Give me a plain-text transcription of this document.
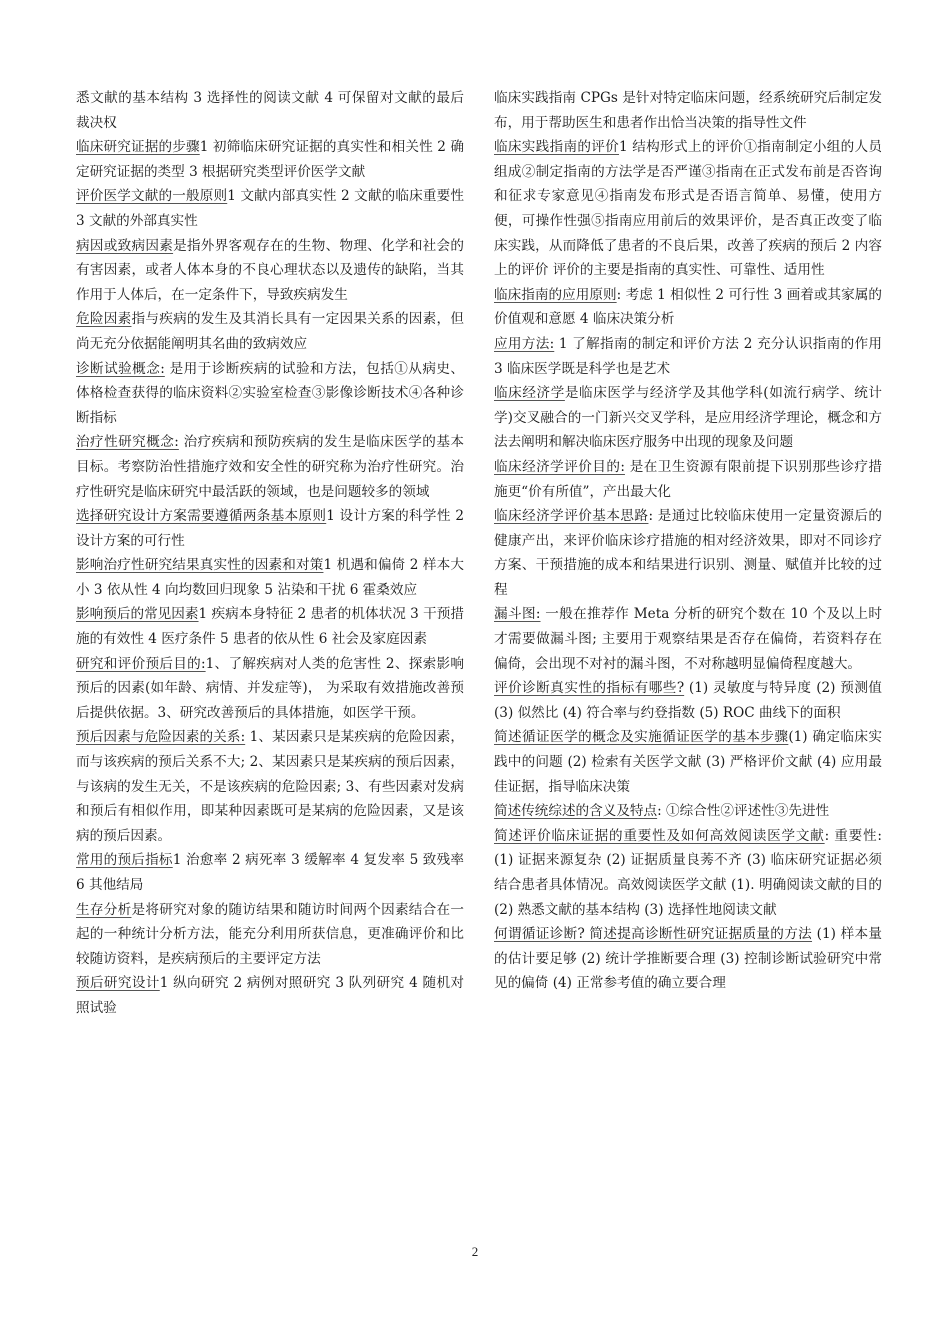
悉文献的基本结构 3 选择性的阅读文献 4 可保留对文献的最后裁决权

临床研究证据的步骤1 初筛临床研究证据的真实性和相关性 2 确定研究证据的类型 3 根据研究类型评价医学文献

评价医学文献的一般原则1 文献内部真实性 2 文献的临床重要性 3 文献的外部真实性

病因或致病因素是指外界客观存在的生物、物理、化学和社会的有害因素，或者人体本身的不良心理状态以及遗传的缺陷，当其作用于人体后，在一定条件下，导致疾病发生

危险因素指与疾病的发生及其消长具有一定因果关系的因素，但尚无充分依据能阐明其名曲的致病效应

诊断试验概念: 是用于诊断疾病的试验和方法，包括①从病史、体格检查获得的临床资料②实验室检查③影像诊断技术④各种诊断指标

治疗性研究概念: 治疗疾病和预防疾病的发生是临床医学的基本目标。考察防治性措施疗效和安全性的研究称为治疗性研究。治疗性研究是临床研究中最活跃的领域，也是问题较多的领域

选择研究设计方案需要遵循两条基本原则1 设计方案的科学性 2 设计方案的可行性

影响治疗性研究结果真实性的因素和对策1 机遇和偏倚 2 样本大小 3 依从性 4 向均数回归现象 5 沾染和干扰 6 霍桑效应

影响预后的常见因素1 疾病本身特征 2 患者的机体状况 3 干预措施的有效性 4 医疗条件 5 患者的依从性 6 社会及家庭因素

研究和评价预后目的:1、了解疾病对人类的危害性 2、探索影响预后的因素(如年龄、病情、并发症等)， 为采取有效措施改善预后提供依据。3、研究改善预后的具体措施，如医学干预。

预后因素与危险因素的关系: 1、某因素只是某疾病的危险因素，而与该疾病的预后关系不大; 2、某因素只是某疾病的预后因素，与该病的发生无关，不是该疾病的危险因素; 3、有些因素对发病和预后有相似作用，即某种因素既可是某病的危险因素，又是该病的预后因素。

常用的预后指标1 治愈率 2 病死率 3 缓解率 4 复发率 5 致残率 6 其他结局

生存分析是将研究对象的随访结果和随访时间两个因素结合在一起的一种统计分析方法，能充分利用所获信息，更准确评价和比较随访资料，是疾病预后的主要评定方法

预后研究设计1 纵向研究 2 病例对照研究 3 队列研究 4 随机对照试验

临床实践指南 CPGs 是针对特定临床问题，经系统研究后制定发布，用于帮助医生和患者作出恰当决策的指导性文件

临床实践指南的评价1 结构形式上的评价①指南制定小组的人员组成②制定指南的方法学是否严谨③指南在正式发布前是否咨询和征求专家意见④指南发布形式是否语言简单、易懂，使用方便，可操作性强⑤指南应用前后的效果评价，是否真正改变了临床实践，从而降低了患者的不良后果，改善了疾病的预后 2 内容上的评价 评价的主要是指南的真实性、可靠性、适用性

临床指南的应用原则: 考虑 1 相似性 2 可行性 3 画着或其家属的价值观和意愿 4 临床决策分析

应用方法: 1 了解指南的制定和评价方法 2 充分认识指南的作用 3 临床医学既是科学也是艺术

临床经济学是临床医学与经济学及其他学科(如流行病学、统计学)交叉融合的一门新兴交叉学科，是应用经济学理论，概念和方法去阐明和解决临床医疗服务中出现的现象及问题

临床经济学评价目的: 是在卫生资源有限前提下识别那些诊疗措施更“价有所值”，产出最大化

临床经济学评价基本思路: 是通过比较临床使用一定量资源后的健康产出，来评价临床诊疗措施的相对经济效果，即对不同诊疗方案、干预措施的成本和结果进行识别、测量、赋值并比较的过程

漏斗图: 一般在推荐作 Meta 分析的研究个数在 10 个及以上时才需要做漏斗图; 主要用于观察结果是否存在偏倚，若资料存在偏倚，会出现不对衬的漏斗图，不对称越明显偏倚程度越大。

评价诊断真实性的指标有哪些? (1) 灵敏度与特异度 (2) 预测值 (3) 似然比 (4) 符合率与约登指数 (5) ROC 曲线下的面积

简述循证医学的概念及实施循证医学的基本步骤(1) 确定临床实践中的问题 (2) 检索有关医学文献 (3) 严格评价文献 (4) 应用最佳证据，指导临床决策

简述传统综述的含义及特点: ①综合性②评述性③先进性

简述评价临床证据的重要性及如何高效阅读医学文献: 重要性: (1) 证据来源复杂 (2) 证据质量良莠不齐 (3) 临床研究证据必须结合患者具体情况。高效阅读医学文献 (1). 明确阅读文献的目的 (2) 熟悉文献的基本结构 (3) 选择性地阅读文献

何谓循证诊断? 简述提高诊断性研究证据质量的方法 (1) 样本量的估计要足够 (2) 统计学推断要合理 (3) 控制诊断试验研究中常见的偏倚 (4) 正常参考值的确立要合理

2
